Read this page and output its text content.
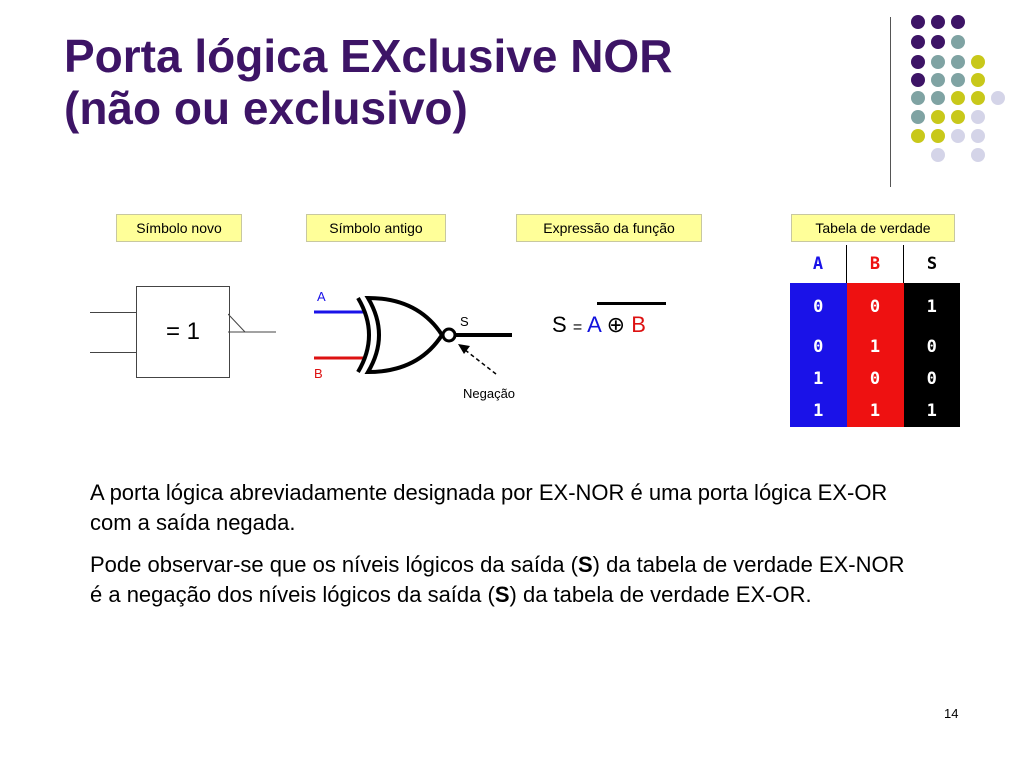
Porta lógica EXclusive NOR
(não ou exclusivo)
Símbolo novo	Símbolo antigo	Expressão da função	Tabela de verdade
= 1
A
B
S
Negação
S = A ⊕ B
A	B	S
0	0	1
0	1	0
1	0	0
1	1	1

A porta lógica abreviadamente designada por EX-NOR é uma porta lógica EX-OR com a saída negada.

Pode observar-se que os níveis lógicos da saída (S) da tabela de verdade EX-NOR é a negação dos níveis lógicos da saída (S) da tabela de verdade EX-OR.

14
